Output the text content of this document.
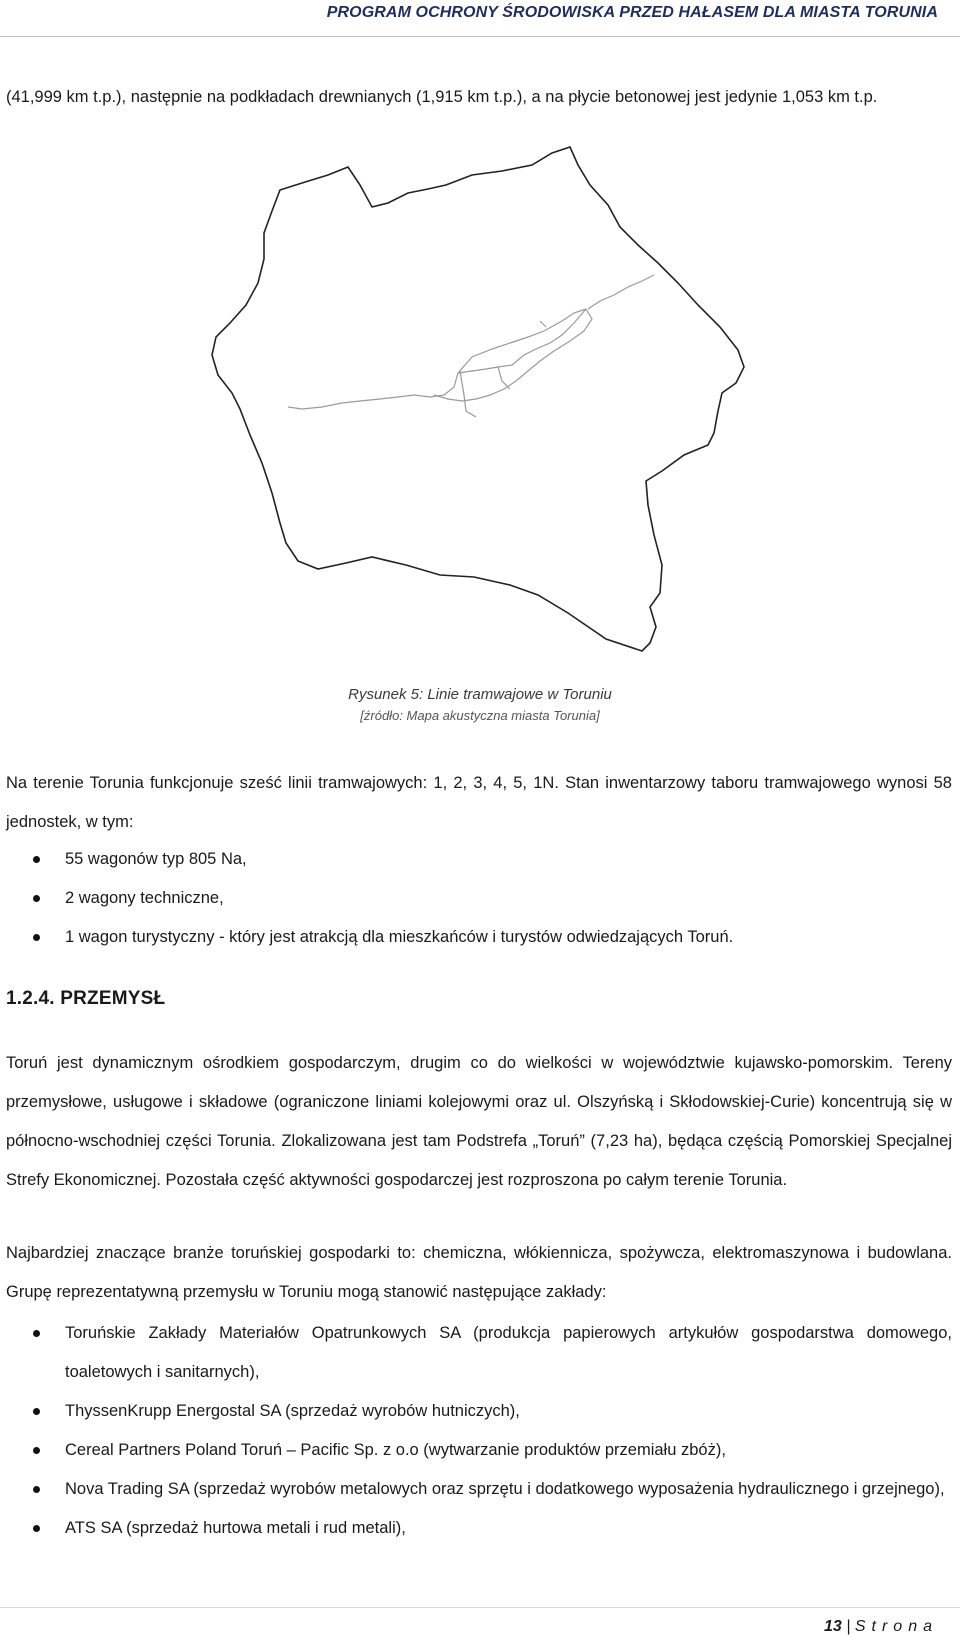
PROGRAM OCHRONY ŚRODOWISKA PRZED HAŁASEM DLA MIASTA TORUNIA
(41,999 km t.p.), następnie na podkładach drewnianych (1,915 km t.p.), a na płycie betonowej jest jedynie 1,053 km t.p.
Rysunek 5: Linie tramwajowe w Toruniu
[źródło: Mapa akustyczna miasta Torunia]
Na terenie Torunia funkcjonuje sześć linii tramwajowych: 1, 2, 3, 4, 5, 1N. Stan inwentarzowy taboru tramwajowego wynosi 58 jednostek, w tym:
55 wagonów typ 805 Na,
2 wagony techniczne,
1 wagon turystyczny - który jest atrakcją dla mieszkańców i turystów odwiedzających Toruń.
1.2.4. PRZEMYSŁ
Toruń jest dynamicznym ośrodkiem gospodarczym, drugim co do wielkości w województwie kujawsko-pomorskim. Tereny przemysłowe, usługowe i składowe (ograniczone liniami kolejowymi oraz ul. Olszyńską i Skłodowskiej-Curie) koncentrują się w północno-wschodniej części Torunia. Zlokalizowana jest tam Podstrefa „Toruń” (7,23 ha), będąca częścią Pomorskiej Specjalnej Strefy Ekonomicznej. Pozostała część aktywności gospodarczej jest rozproszona po całym terenie Torunia.
Najbardziej znaczące branże toruńskiej gospodarki to: chemiczna, włókiennicza, spożywcza, elektromaszynowa i budowlana. Grupę reprezentatywną przemysłu w Toruniu mogą stanowić następujące zakłady:
Toruńskie Zakłady Materiałów Opatrunkowych SA (produkcja papierowych artykułów gospodarstwa domowego, toaletowych i sanitarnych),
ThyssenKrupp Energostal SA (sprzedaż wyrobów hutniczych),
Cereal Partners Poland Toruń – Pacific Sp. z o.o (wytwarzanie produktów przemiału zbóż),
Nova Trading SA (sprzedaż wyrobów metalowych oraz sprzętu i dodatkowego wyposażenia hydraulicznego i grzejnego),
ATS SA (sprzedaż hurtowa metali i rud metali),
13 | Strona
